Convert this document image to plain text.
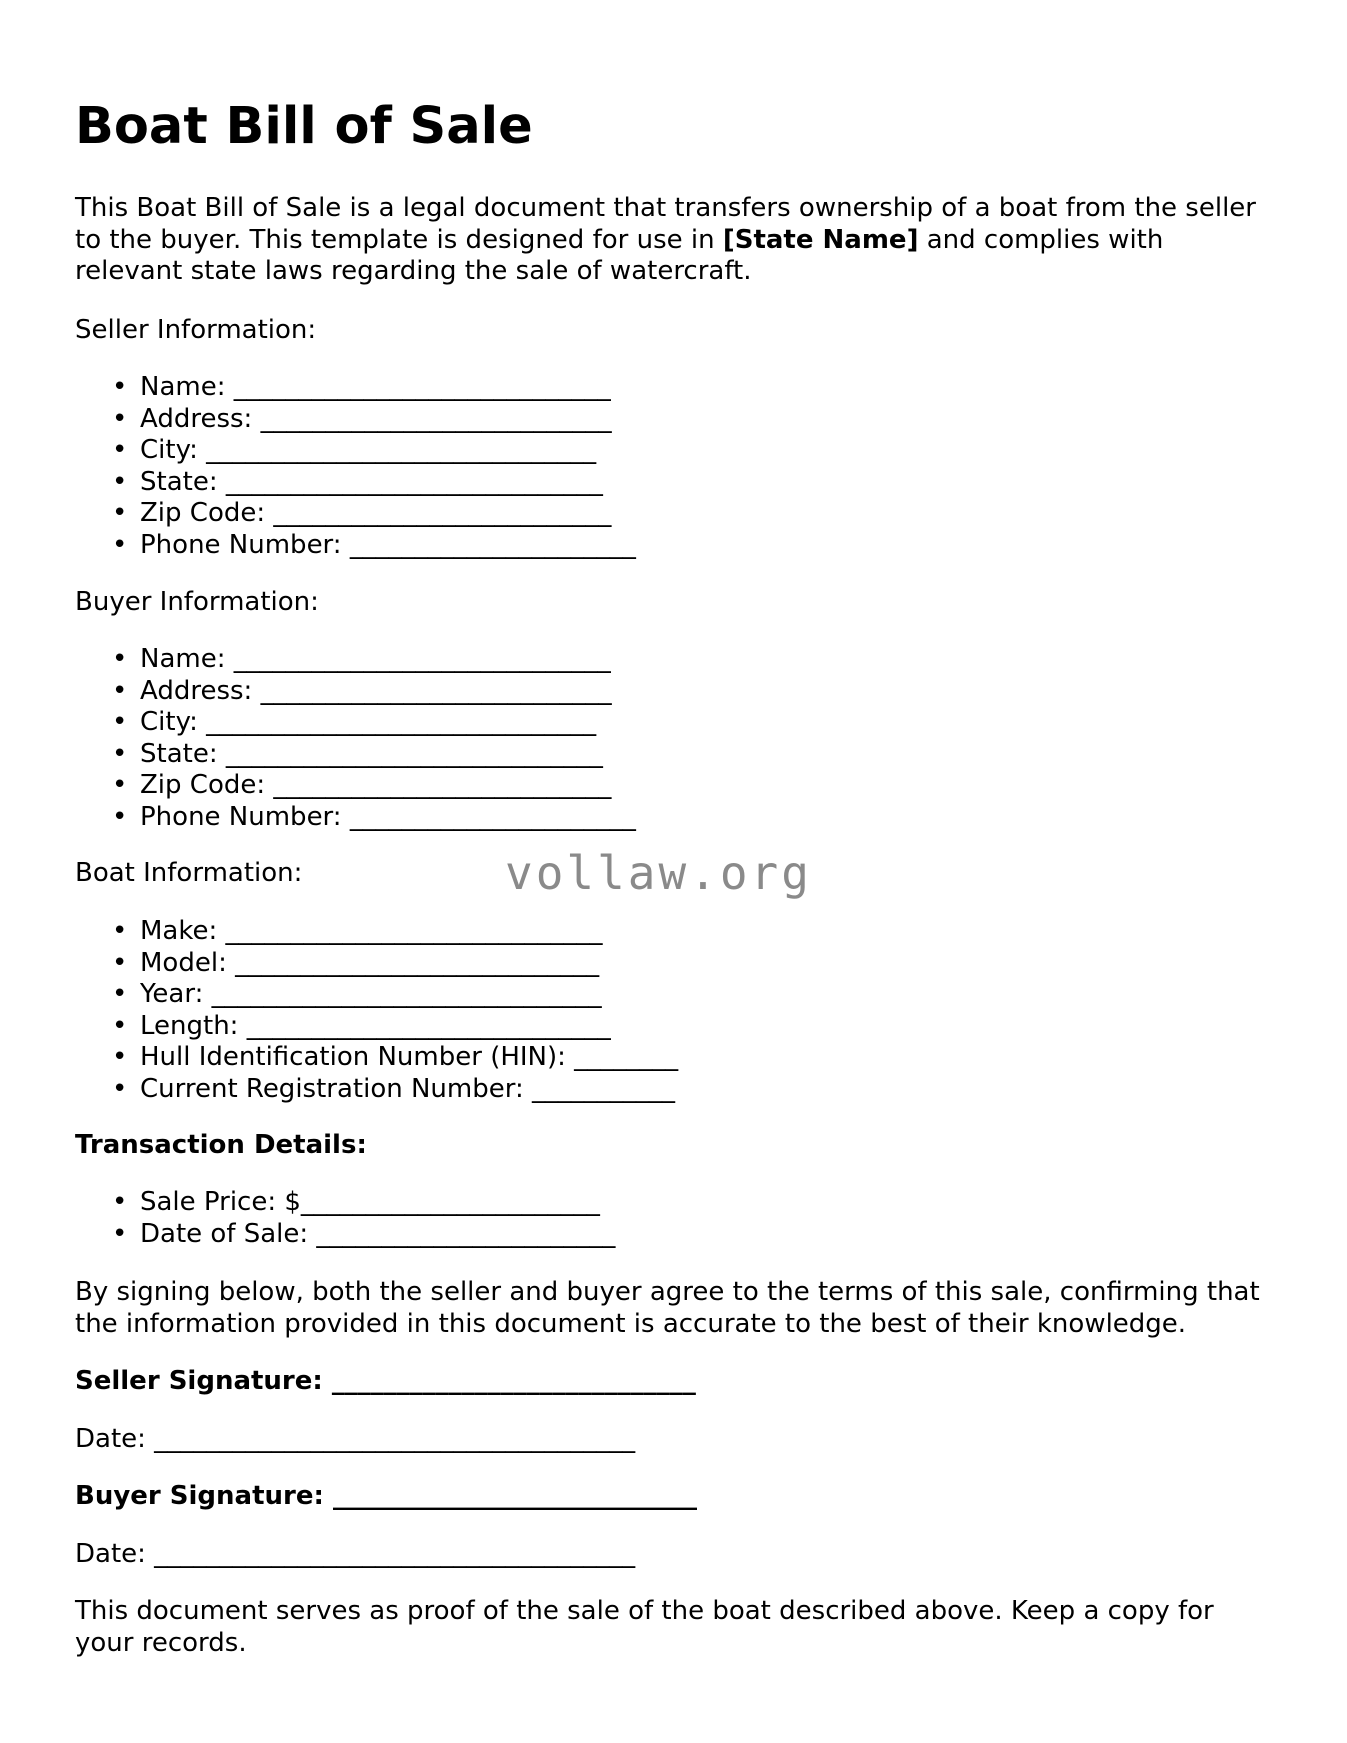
Boat Bill of Sale

This Boat Bill of Sale is a legal document that transfers ownership of a boat from the seller to the buyer. This template is designed for use in [State Name] and complies with relevant state laws regarding the sale of watercraft.

Seller Information:

• Name: _____________________________
• Address: ___________________________
• City: ______________________________
• State: _____________________________
• Zip Code: __________________________
• Phone Number: ______________________

Buyer Information:

• Name: _____________________________
• Address: ___________________________
• City: ______________________________
• State: _____________________________
• Zip Code: __________________________
• Phone Number: ______________________

Boat Information:

• Make: _____________________________
• Model: ____________________________
• Year: ______________________________
• Length: ____________________________
• Hull Identification Number (HIN): ________
• Current Registration Number: ___________

Transaction Details:

• Sale Price: $_______________________
• Date of Sale: _______________________

By signing below, both the seller and buyer agree to the terms of this sale, confirming that the information provided in this document is accurate to the best of their knowledge.

Seller Signature: ____________________________

Date: _____________________________________

Buyer Signature: ____________________________

Date: _____________________________________

This document serves as proof of the sale of the boat described above. Keep a copy for your records.

vollaw.org
